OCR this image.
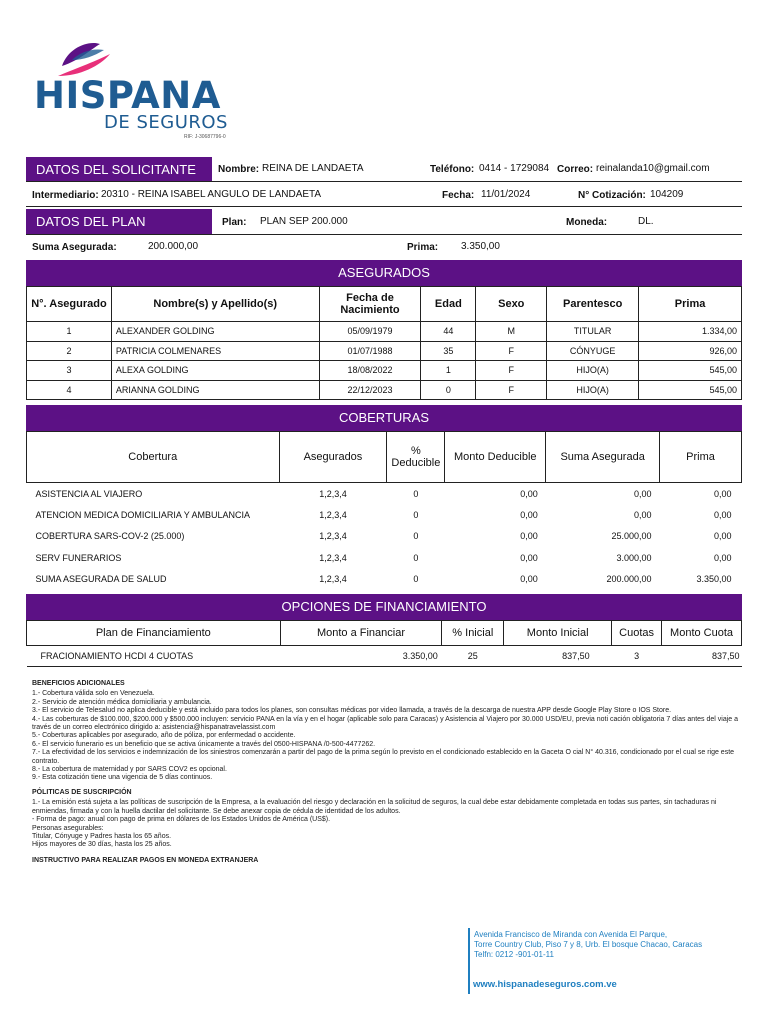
HISPANA
DE SEGUROS
RIF: J-30687796-0
DATOS DEL SOLICITANTE	Nombre: REINA DE LANDAETA	Teléfono: 0414 - 1729084 Correo: reinalanda10@gmail.com
Intermediario: 20310 - REINA ISABEL ANGULO DE LANDAETA	Fecha: 11/01/2024	N° Cotización: 104209
DATOS DEL PLAN	Plan: PLAN SEP 200.000	Moneda:	DL.
Suma Asegurada:	200.000,00	Prima: 3.350,00
ASEGURADOS
N°. Asegurado	Nombre(s) y Apellido(s)	Fecha de Nacimiento	Edad	Sexo	Parentesco	Prima
1	ALEXANDER GOLDING	05/09/1979	44	M	TITULAR	1.334,00
2	PATRICIA COLMENARES	01/07/1988	35	F	CÓNYUGE	926,00
3	ALEXA GOLDING	18/08/2022	1	F	HIJO(A)	545,00
4	ARIANNA GOLDING	22/12/2023	0	F	HIJO(A)	545,00
COBERTURAS
Cobertura	Asegurados	% Deducible	Monto Deducible	Suma Asegurada	Prima
ASISTENCIA AL VIAJERO	1,2,3,4	0	0,00	0,00	0,00
ATENCION MEDICA DOMICILIARIA Y AMBULANCIA	1,2,3,4	0	0,00	0,00	0,00
COBERTURA SARS-COV-2 (25.000)	1,2,3,4	0	0,00	25.000,00	0,00
SERV FUNERARIOS	1,2,3,4	0	0,00	3.000,00	0,00
SUMA ASEGURADA DE SALUD	1,2,3,4	0	0,00	200.000,00	3.350,00
OPCIONES DE FINANCIAMIENTO
Plan de Financiamiento	Monto a Financiar	% Inicial	Monto Inicial	Cuotas	Monto Cuota
FRACIONAMIENTO HCDI 4 CUOTAS	3.350,00	25	837,50	3	837,50
BENEFICIOS ADICIONALES
1.- Cobertura válida solo en Venezuela.
2.- Servicio de atención médica domiciliaria y ambulancia.
3.- El servicio de Telesalud no aplica deducible y está incluido para todos los planes, son consultas médicas por video llamada, a través de la descarga de nuestra APP desde Google Play Store o IOS Store.
4.- Las coberturas de $100.000, $200.000 y $500.000 incluyen: servicio PANA en la vía y en el hogar (aplicable solo para Caracas) y Asistencia al Viajero por 30.000 USD/EU, previa noti cación obligatoria 7 días antes del viaje a través de un correo electrónico dirigido a: asistencia@hispanatravelassist.com
5.- Coberturas aplicables por asegurado, año de póliza, por enfermedad o accidente.
6.- El servicio funerario es un beneficio que se activa únicamente a través del 0500-HISPANA /0-500-4477262.
7.- La efectividad de los servicios e indemnización de los siniestros comenzarán a partir del pago de la prima según lo previsto en el condicionado establecido en la Gaceta O cial N° 40.316, condicionado por el cual se rige este contrato.
8.- La cobertura de maternidad y por SARS COV2 es opcional.
9.- Esta cotización tiene una vigencia de 5 días continuos.
PÓLITICAS DE SUSCRIPCIÓN
1.- La emisión está sujeta a las políticas de suscripción de la Empresa, a la evaluación del riesgo y declaración en la solicitud de seguros, la cual debe estar debidamente completada en todas sus partes, sin tachaduras ni enmiendas, firmada y con la huella dactilar del solicitante. Se debe anexar copia de cédula de identidad de los adultos.
- Forma de pago: anual con pago de prima en dólares de los Estados Unidos de América (US$).
Personas asegurables:
Titular, Cónyuge y Padres hasta los 65 años.
Hijos mayores de 30 días, hasta los 25 años.
INSTRUCTIVO PARA REALIZAR PAGOS EN MONEDA EXTRANJERA
Avenida Francisco de Miranda con Avenida El Parque,
Torre Country Club, Piso 7 y 8, Urb. El bosque Chacao, Caracas
Telfn: 0212 -901-01-11
www.hispanadeseguros.com.ve
